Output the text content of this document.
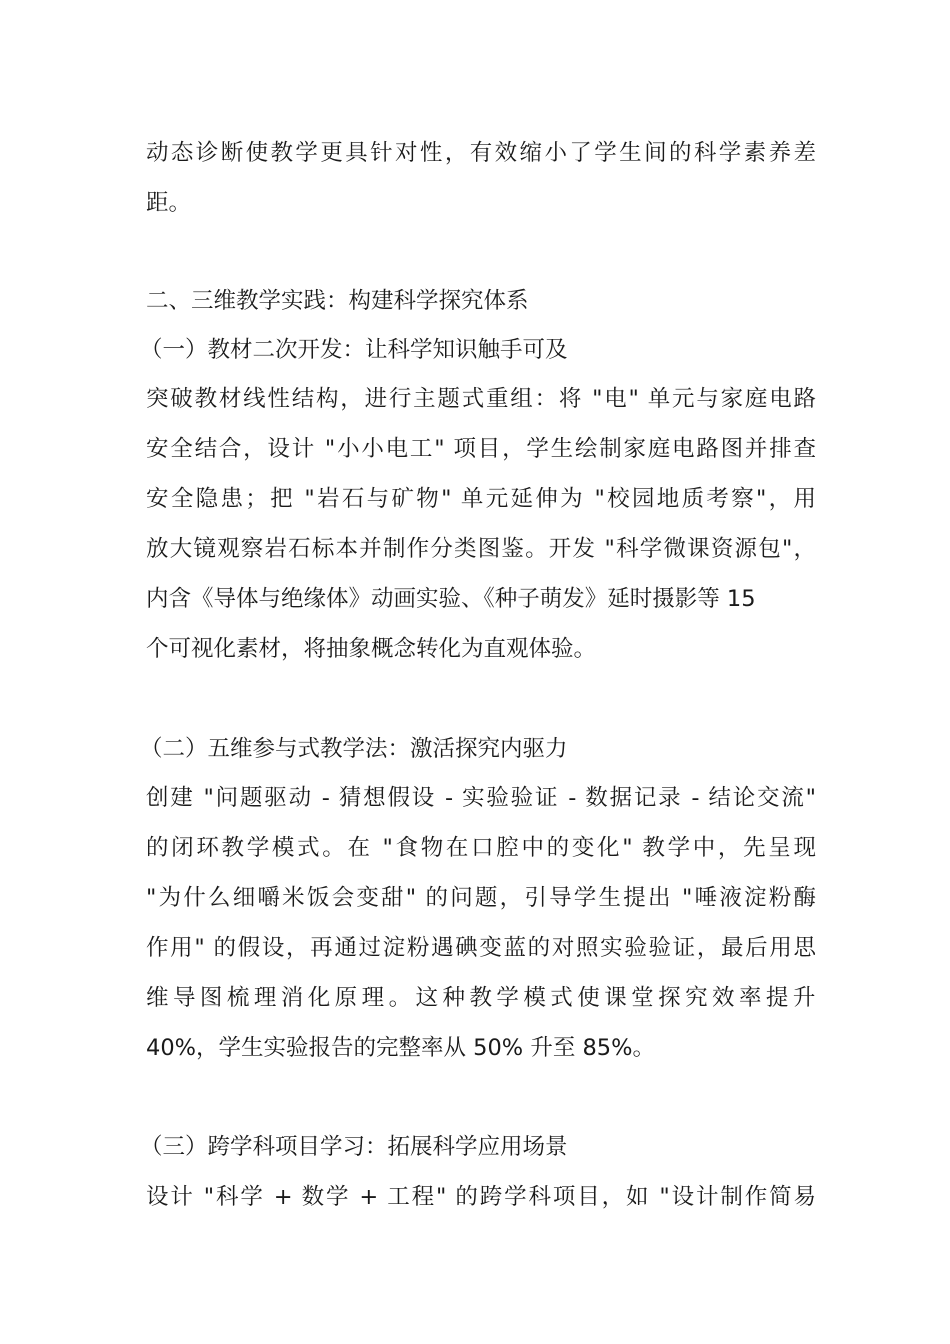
动态诊断使教学更具针对性，有效缩小了学生间的科学素养差
距。
二、三维教学实践：构建科学探究体系
（一）教材二次开发：让科学知识触手可及
突破教材线性结构，进行主题式重组：将 "电" 单元与家庭电路
安全结合，设计 "小小电工" 项目，学生绘制家庭电路图并排查
安全隐患；把 "岩石与矿物" 单元延伸为 "校园地质考察"，用
放大镜观察岩石标本并制作分类图鉴。开发 "科学微课资源包"，
内含《导体与绝缘体》动画实验、《种子萌发》延时摄影等 15
个可视化素材，将抽象概念转化为直观体验。
（二）五维参与式教学法：激活探究内驱力
创建 "问题驱动 - 猜想假设 - 实验验证 - 数据记录 - 结论交流"
的闭环教学模式。在 "食物在口腔中的变化" 教学中，先呈现
"为什么细嚼米饭会变甜" 的问题，引导学生提出 "唾液淀粉酶
作用" 的假设，再通过淀粉遇碘变蓝的对照实验验证，最后用思
维导图梳理消化原理。这种教学模式使课堂探究效率提升
40%，学生实验报告的完整率从 50% 升至 85%。
（三）跨学科项目学习：拓展科学应用场景
设计 "科学 + 数学 + 工程" 的跨学科项目，如 "设计制作简易
